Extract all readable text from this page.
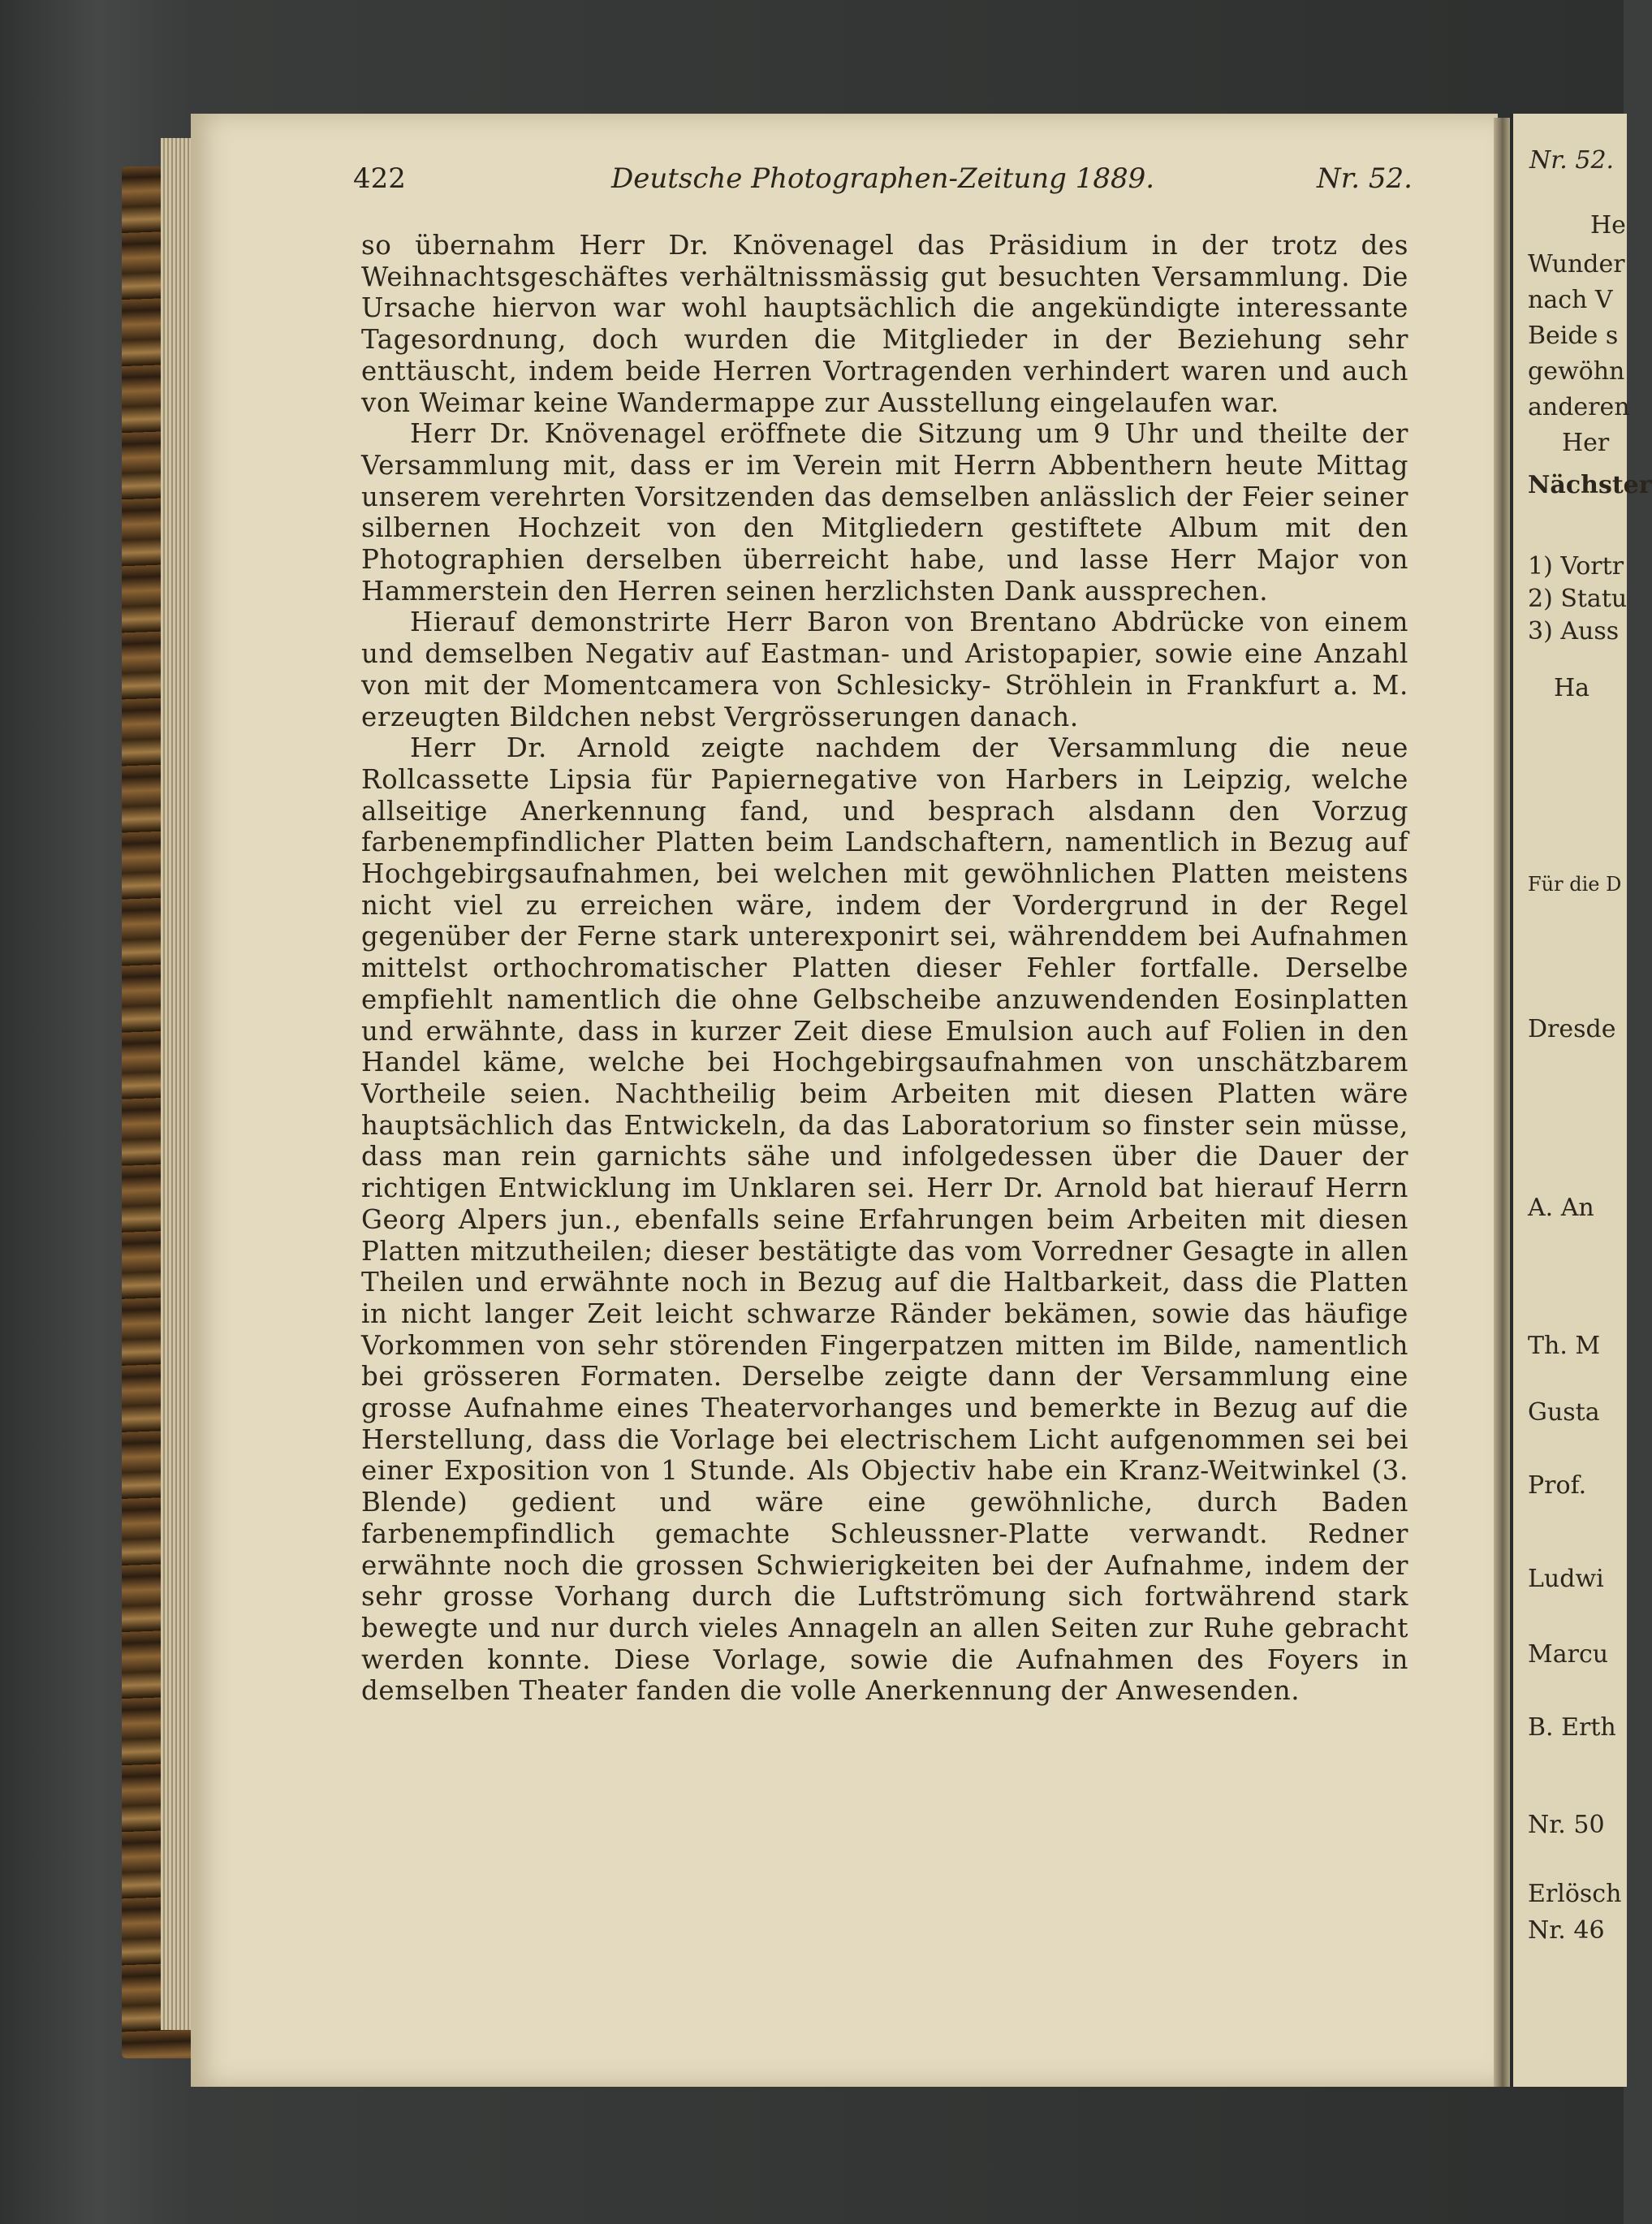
422	Deutsche Photographen-Zeitung 1889.	Nr. 52.

so übernahm Herr Dr. Knövenagel das Präsidium in der trotz des Weihnachtsgeschäftes verhältnissmässig gut besuchten Versammlung. Die Ursache hiervon war wohl hauptsächlich die angekündigte interessante Tagesordnung, doch wurden die Mitglieder in der Beziehung sehr enttäuscht, indem beide Herren Vortragenden verhindert waren und auch von Weimar keine Wandermappe zur Ausstellung eingelaufen war.

Herr Dr. Knövenagel eröffnete die Sitzung um 9 Uhr und theilte der Versammlung mit, dass er im Verein mit Herrn Abbenthern heute Mittag unserem verehrten Vorsitzenden das demselben anlässlich der Feier seiner silbernen Hochzeit von den Mitgliedern gestiftete Album mit den Photographien derselben überreicht habe, und lasse Herr Major von Hammerstein den Herren seinen herzlichsten Dank aussprechen.

Hierauf demonstrirte Herr Baron von Brentano Abdrücke von einem und demselben Negativ auf Eastman- und Aristopapier, sowie eine Anzahl von mit der Momentcamera von Schlesicky- Ströhlein in Frankfurt a. M. erzeugten Bildchen nebst Vergrösserungen danach.

Herr Dr. Arnold zeigte nachdem der Versammlung die neue Rollcassette Lipsia für Papiernegative von Harbers in Leipzig, welche allseitige Anerkennung fand, und besprach alsdann den Vorzug farbenempfindlicher Platten beim Landschaftern, namentlich in Bezug auf Hochgebirgsaufnahmen, bei welchen mit gewöhnlichen Platten meistens nicht viel zu erreichen wäre, indem der Vordergrund in der Regel gegenüber der Ferne stark unterexponirt sei, währenddem bei Aufnahmen mittelst orthochromatischer Platten dieser Fehler fortfalle. Derselbe empfiehlt namentlich die ohne Gelbscheibe anzuwendenden Eosinplatten und erwähnte, dass in kurzer Zeit diese Emulsion auch auf Folien in den Handel käme, welche bei Hochgebirgsaufnahmen von unschätzbarem Vortheile seien. Nachtheilig beim Arbeiten mit diesen Platten wäre hauptsächlich das Entwickeln, da das Laboratorium so finster sein müsse, dass man rein garnichts sähe und infolgedessen über die Dauer der richtigen Entwicklung im Unklaren sei. Herr Dr. Arnold bat hierauf Herrn Georg Alpers jun., ebenfalls seine Erfahrungen beim Arbeiten mit diesen Platten mitzutheilen; dieser bestätigte das vom Vorredner Gesagte in allen Theilen und erwähnte noch in Bezug auf die Haltbarkeit, dass die Platten in nicht langer Zeit leicht schwarze Ränder bekämen, sowie das häufige Vorkommen von sehr störenden Fingerpatzen mitten im Bilde, namentlich bei grösseren Formaten. Derselbe zeigte dann der Versammlung eine grosse Aufnahme eines Theatervorhanges und bemerkte in Bezug auf die Herstellung, dass die Vorlage bei electrischem Licht aufgenommen sei bei einer Exposition von 1 Stunde. Als Objectiv habe ein Kranz-Weitwinkel (3. Blende) gedient und wäre eine gewöhnliche, durch Baden farbenempfindlich gemachte Schleussner-Platte verwandt. Redner erwähnte noch die grossen Schwierigkeiten bei der Aufnahme, indem der sehr grosse Vorhang durch die Luftströmung sich fortwährend stark bewegte und nur durch vieles Annageln an allen Seiten zur Ruhe gebracht werden konnte. Diese Vorlage, sowie die Aufnahmen des Foyers in demselben Theater fanden die volle Anerkennung der Anwesenden.

Nr. 52.
He
Wunder
nach V
Beide s
gewöhn
anderen
Her
Nächster
1) Vortr
2) Statu
3) Auss
Ha
Für die D
Dresde
A. An
Th. M
Gusta
Prof.
Ludwi
Marcu
B. Erth
Nr. 50
Erlösch
Nr. 46
